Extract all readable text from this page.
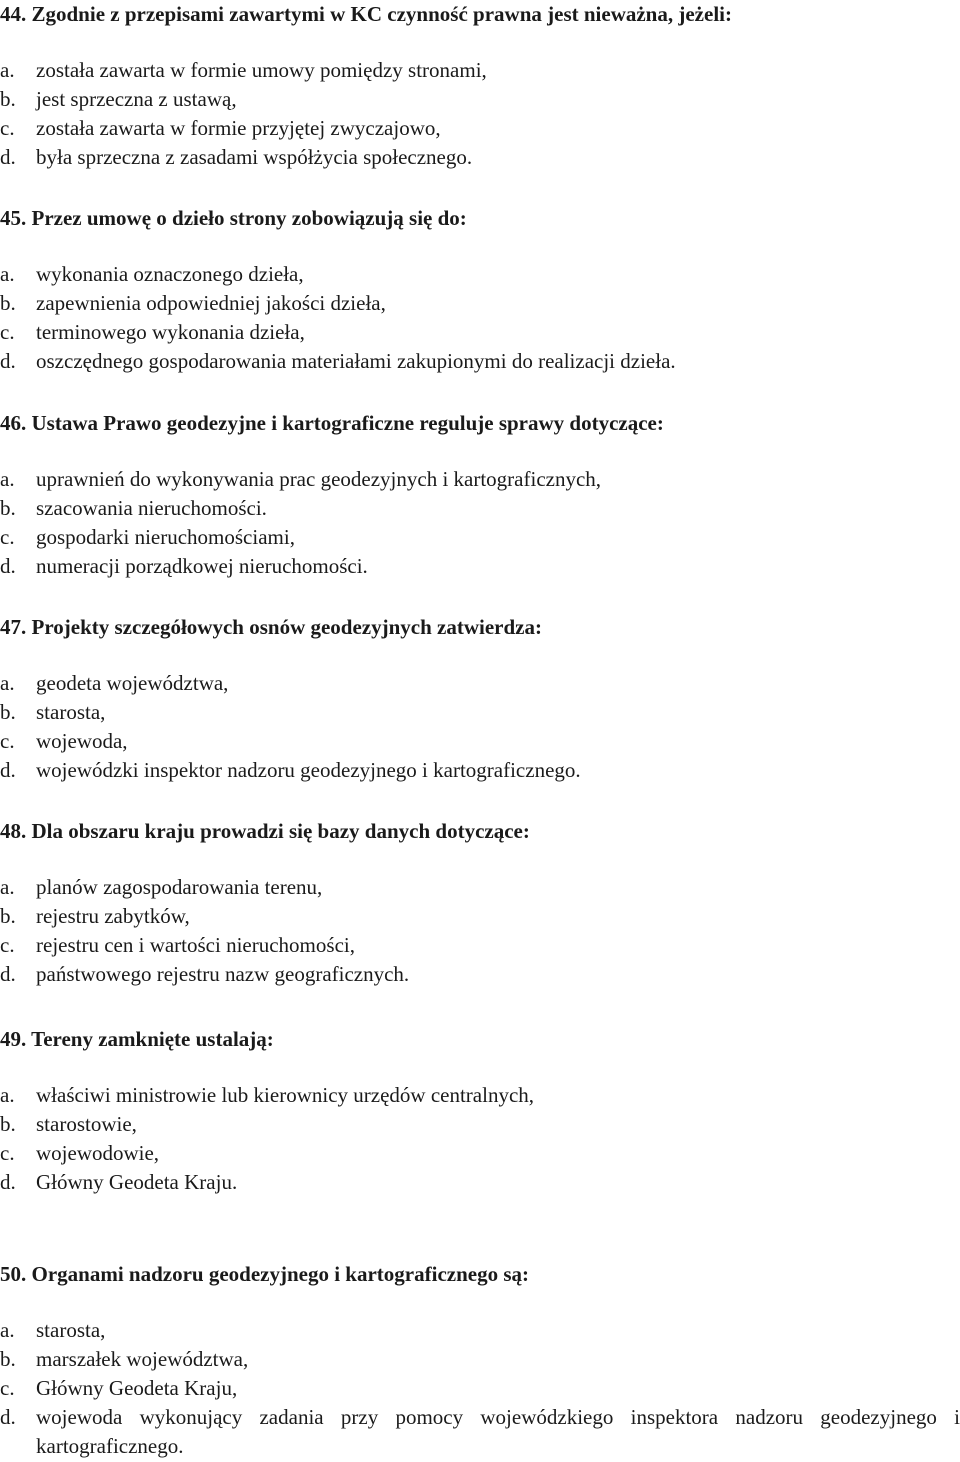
44. Zgodnie z przepisami zawartymi w KC czynność prawna jest nieważna, jeżeli:

a.	została zawarta w formie umowy pomiędzy stronami,
b. jest sprzeczna z ustawą,
c.	została zawarta w formie przyjętej zwyczajowo,
d. była sprzeczna z zasadami współżycia społecznego.

45. Przez umowę o dzieło strony zobowiązują się do:

a.	wykonania oznaczonego dzieła,
b. zapewnienia odpowiedniej jakości dzieła,
c.	terminowego wykonania dzieła,
d. oszczędnego gospodarowania materiałami zakupionymi do realizacji dzieła.

46. Ustawa Prawo geodezyjne i kartograficzne reguluje sprawy dotyczące:

a.	uprawnień do wykonywania prac geodezyjnych i kartograficznych,
b. szacowania nieruchomości.
c.	gospodarki nieruchomościami,
d. numeracji porządkowej nieruchomości.

47. Projekty szczegółowych osnów geodezyjnych zatwierdza:

a.	geodeta województwa,
b. starosta,
c.	wojewoda,
d. wojewódzki inspektor nadzoru geodezyjnego i kartograficznego.

48. Dla obszaru kraju prowadzi się bazy danych dotyczące:

a.	planów zagospodarowania terenu,
b. rejestru zabytków,
c.	rejestru cen i wartości nieruchomości,
d. państwowego rejestru nazw geograficznych.

49. Tereny zamknięte ustalają:

a.	właściwi ministrowie lub kierownicy urzędów centralnych,
b. starostowie,
c.	wojewodowie,
d. Główny Geodeta Kraju.

50. Organami nadzoru geodezyjnego i kartograficznego są:

a.	starosta,
b. marszałek województwa,
c.	Główny Geodeta Kraju,
d. wojewoda wykonujący zadania przy pomocy wojewódzkiego inspektora nadzoru geodezyjnego i kartograficznego.
